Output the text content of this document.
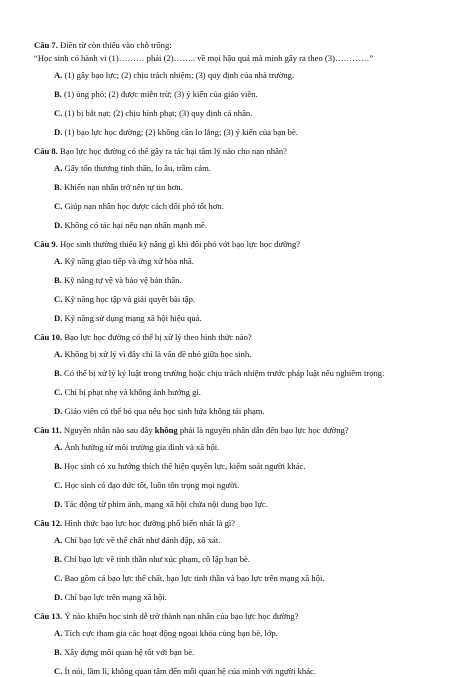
Câu 7. Điền từ còn thiếu vào chỗ trống:
“Học sinh có hành vi (1)……… phải (2)…….. về mọi hậu quả mà mình gây ra theo (3)…………”
A. (1) gây bạo lực; (2) chịu trách nhiệm; (3) quy định của nhà trường.
B. (1) ủng phó; (2) được miễn trừ; (3) ý kiến của giáo viên.
C. (1) bị bắt nạt; (2) chịu hình phạt; (3) quy định cá nhân.
D. (1) bạo lực học đường; (2) không cần lo lắng; (3) ý kiến của bạn bè.
Câu 8. Bạo lực học đường có thể gây ra tác hại tâm lý nào cho nạn nhân?
A. Gây tổn thương tinh thần, lo âu, trầm cảm.
B. Khiến nạn nhân trở nên tự tin hơn.
C. Giúp nạn nhân học được cách đối phó tốt hơn.
D. Không có tác hại nếu nạn nhân mạnh mẽ.
Câu 9. Học sinh thường thiếu kỹ năng gì khi đối phó với bạo lực học đường?
A. Kỹ năng giao tiếp và ứng xử hòa nhã.
B. Kỹ năng tự vệ và bảo vệ bản thân.
C. Kỹ năng học tập và giải quyết bài tập.
D. Kỹ năng sử dụng mạng xã hội hiệu quả.
Câu 10. Bạo lực học đường có thể bị xử lý theo hình thức nào?
A. Không bị xử lý vì đây chỉ là vấn đề nhỏ giữa học sinh.
B. Có thể bị xử lý kỷ luật trong trường hoặc chịu trách nhiệm trước pháp luật nếu nghiêm trọng.
C. Chỉ bị phạt nhẹ và không ảnh hưởng gì.
D. Giáo viên có thể bỏ qua nếu học sinh hứa không tái phạm.
Câu 11. Nguyên nhân nào sau đây không phải là nguyên nhân dẫn đến bạo lực học đường?
A. Ảnh hưởng từ môi trường gia đình và xã hội.
B. Học sinh có xu hướng thích thể hiện quyền lực, kiểm soát người khác.
C. Học sinh có đạo đức tốt, luôn tôn trọng mọi người.
D. Tác động từ phim ảnh, mạng xã hội chứa nội dung bạo lực.
Câu 12. Hình thức bạo lực học đường phổ biến nhất là gì?
A. Chỉ bạo lực về thể chất như đánh đập, xô xát.
B. Chỉ bạo lực về tinh thần như xúc phạm, cô lập bạn bè.
C. Bao gồm cả bạo lực thể chất, bạo lực tinh thần và bạo lực trên mạng xã hội.
D. Chỉ bạo lực trên mạng xã hội.
Câu 13. Ý nào khiến học sinh dễ trở thành nạn nhân của bạo lực học đường?
A. Tích cực tham gia các hoạt động ngoại khóa cùng bạn bè, lớp.
B. Xây dựng mối quan hệ tốt với bạn bè.
C. Ít nói, lầm lì, không quan tâm đến mối quan hệ của mình với người khác.
